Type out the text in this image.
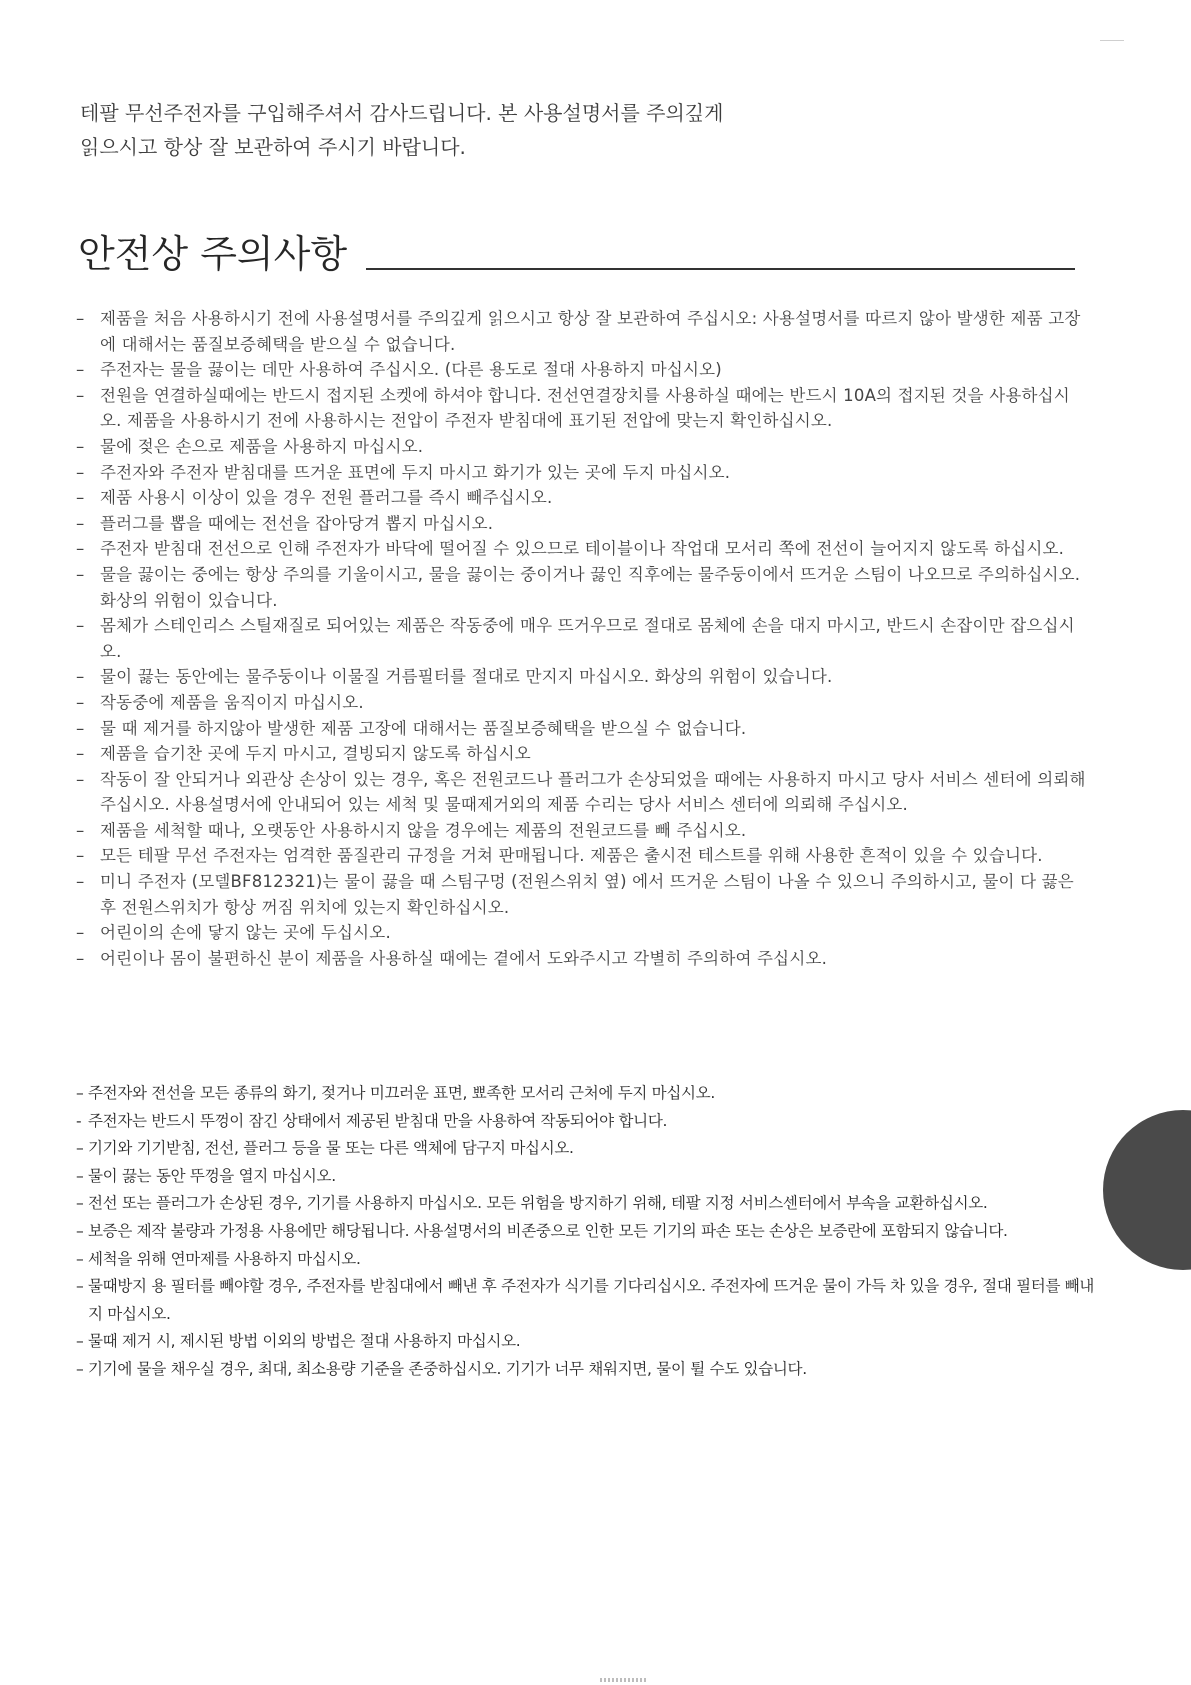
테팔 무선주전자를 구입해주셔서 감사드립니다. 본 사용설명서를 주의깊게
읽으시고 항상 잘 보관하여 주시기 바랍니다.
안전상 주의사항
– 제품을 처음 사용하시기 전에 사용설명서를 주의깊게 읽으시고 항상 잘 보관하여 주십시오: 사용설명서를 따르지 않아 발생한 제품 고장에 대해서는 품질보증혜택을 받으실 수 없습니다.
– 주전자는 물을 끓이는 데만 사용하여 주십시오. (다른 용도로 절대 사용하지 마십시오)
– 전원을 연결하실때에는 반드시 접지된 소켓에 하셔야 합니다. 전선연결장치를 사용하실 때에는 반드시 10A의 접지된 것을 사용하십시오. 제품을 사용하시기 전에 사용하시는 전압이 주전자 받침대에 표기된 전압에 맞는지 확인하십시오.
– 물에 젖은 손으로 제품을 사용하지 마십시오.
– 주전자와 주전자 받침대를 뜨거운 표면에 두지 마시고 화기가 있는 곳에 두지 마십시오.
– 제품 사용시 이상이 있을 경우 전원 플러그를 즉시 빼주십시오.
– 플러그를 뽑을 때에는 전선을 잡아당겨 뽑지 마십시오.
– 주전자 받침대 전선으로 인해 주전자가 바닥에 떨어질 수 있으므로 테이블이나 작업대 모서리 쪽에 전선이 늘어지지 않도록 하십시오.
– 물을 끓이는 중에는 항상 주의를 기울이시고, 물을 끓이는 중이거나 끓인 직후에는 물주둥이에서 뜨거운 스팀이 나오므로 주의하십시오. 화상의 위험이 있습니다.
– 몸체가 스테인리스 스틸재질로 되어있는 제품은 작동중에 매우 뜨거우므로 절대로 몸체에 손을 대지 마시고, 반드시 손잡이만 잡으십시오.
– 물이 끓는 동안에는 물주둥이나 이물질 거름필터를 절대로 만지지 마십시오. 화상의 위험이 있습니다.
– 작동중에 제품을 움직이지 마십시오.
– 물 때 제거를 하지않아 발생한 제품 고장에 대해서는 품질보증혜택을 받으실 수 없습니다.
– 제품을 습기찬 곳에 두지 마시고, 결빙되지 않도록 하십시오
– 작동이 잘 안되거나 외관상 손상이 있는 경우, 혹은 전원코드나 플러그가 손상되었을 때에는 사용하지 마시고 당사 서비스 센터에 의뢰해 주십시오. 사용설명서에 안내되어 있는 세척 및 물때제거외의 제품 수리는 당사 서비스 센터에 의뢰해 주십시오.
– 제품을 세척할 때나, 오랫동안 사용하시지 않을 경우에는 제품의 전원코드를 빼 주십시오.
– 모든 테팔 무선 주전자는 엄격한 품질관리 규정을 거쳐 판매됩니다. 제품은 출시전 테스트를 위해 사용한 흔적이 있을 수 있습니다.
– 미니 주전자 (모델BF812321)는 물이 끓을 때 스팀구멍 (전원스위치 옆) 에서 뜨거운 스팀이 나올 수 있으니 주의하시고, 물이 다 끓은 후 전원스위치가 항상 꺼짐 위치에 있는지 확인하십시오.
– 어린이의 손에 닿지 않는 곳에 두십시오.
– 어린이나 몸이 불편하신 분이 제품을 사용하실 때에는 곁에서 도와주시고 각별히 주의하여 주십시오.
– 주전자와 전선을 모든 종류의 화기, 젖거나 미끄러운 표면, 뾰족한 모서리 근처에 두지 마십시오.
- 주전자는 반드시 뚜껑이 잠긴 상태에서 제공된 받침대 만을 사용하여 작동되어야 합니다.
– 기기와 기기받침, 전선, 플러그 등을 물 또는 다른 액체에 담구지 마십시오.
– 물이 끓는 동안 뚜껑을 열지 마십시오.
– 전선 또는 플러그가 손상된 경우, 기기를 사용하지 마십시오. 모든 위험을 방지하기 위해, 테팔 지정 서비스센터에서 부속을 교환하십시오.
– 보증은 제작 불량과 가정용 사용에만 해당됩니다. 사용설명서의 비존중으로 인한 모든 기기의 파손 또는 손상은 보증란에 포함되지 않습니다.
– 세척을 위해 연마제를 사용하지 마십시오.
– 물때방지 용 필터를 빼야할 경우, 주전자를 받침대에서 빼낸 후 주전자가 식기를 기다리십시오. 주전자에 뜨거운 물이 가득 차 있을 경우, 절대 필터를 빼내지 마십시오.
– 물때 제거 시, 제시된 방법 이외의 방법은 절대 사용하지 마십시오.
– 기기에 물을 채우실 경우, 최대, 최소용량 기준을 존중하십시오. 기기가 너무 채워지면, 물이 튈 수도 있습니다.
